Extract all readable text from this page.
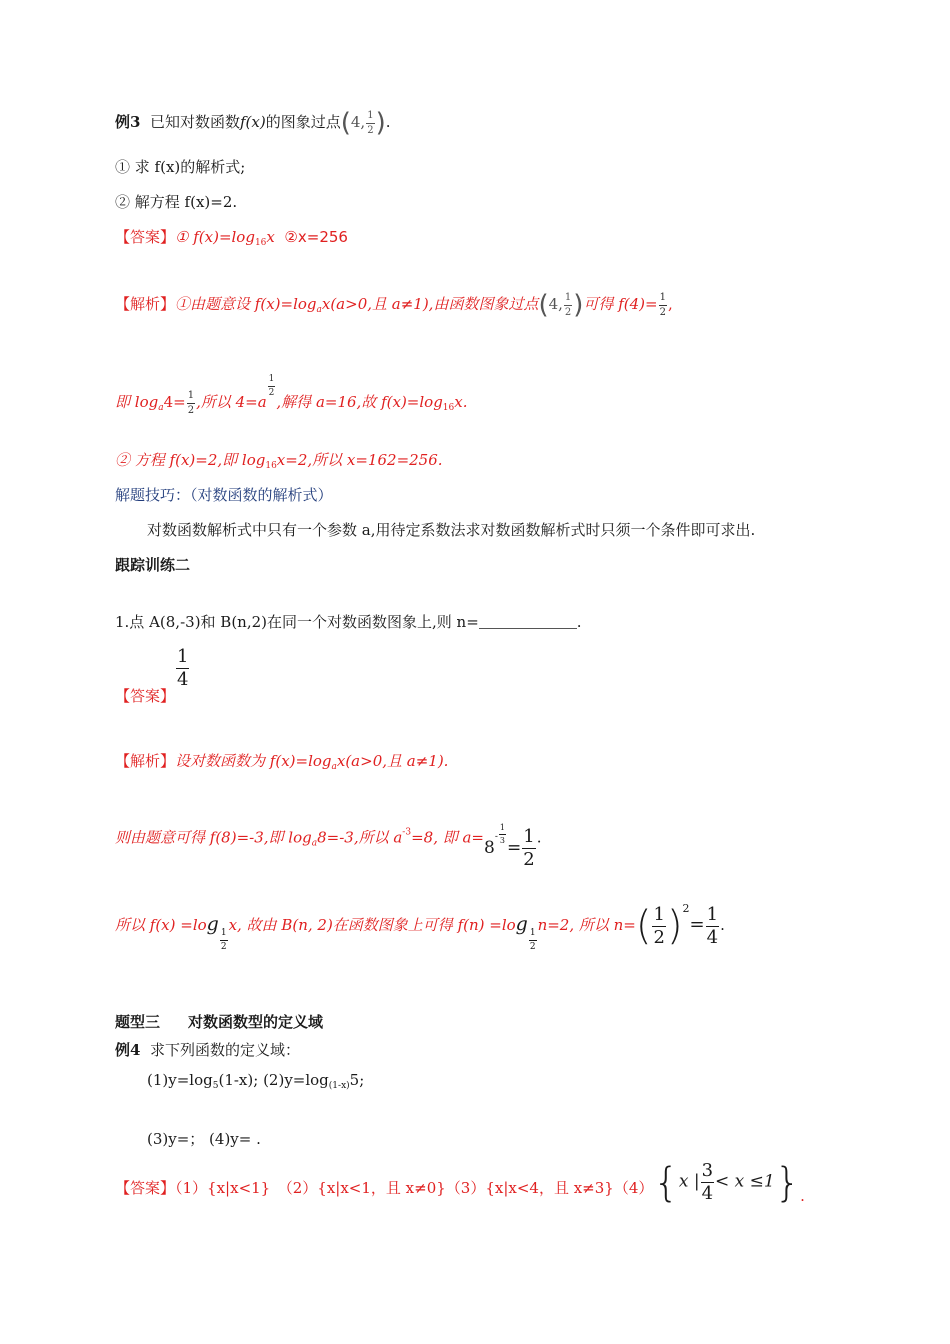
例3 已知对数函数f(x)的图象过点(4, $\frac{1}{2}$ ).
① 求 f(x)的解析式;
② 解方程 f(x)=2.
【答案】① $f(x)=\log_{16}x$ ②x=256
【解析】①由题意设 $f(x)=\log_ax(a>0$,且 a≠1),由函数图象过点(4, $\frac{1}{2}$ )可得 $f(4)= \frac{1}{2}$ ,
即 $\log_a4= \frac{1}{2}$ ,所以 4=a
$\frac{1}{2}$
,解得 a=16,故 $f(x)=\log_{16}x$.
② 方程 f(x)=2,即 $\log_{16}x=2$,所以 x=162=256.
解题技巧：（对数函数的解析式）
对数函数解析式中只有一个参数 a,用待定系数法求对数函数解析式时只须一个条件即可求出.
跟踪训练二
1.点 A(8,-3)和 B(n,2)在同一个对数函数图象上,则 n=	.
【答案】
$\frac{1}{4}$
【解析】设对数函数为 $f(x)=\log_ax(a>0$,且 a≠1).
则由题意可得 f(8)=-3,即 $\log_a8=-3$,所以 $a^{-3}=8$, 即 $a=8^- \frac{1}{3}$
= $\frac{1}{2}$ .
所以 f(x) =log
$\frac{1}{2}$
x, 故由 B(n, 2)在函数图象上可得 f(n) =log
$\frac{1}{2}$
n=2, 所以 $n=( \frac{1}{2} )^2= \frac{1}{4}$ .
题型三 对数函数型的定义域
例4 求下列函数的定义域：
$(1)y=\log_5(1-x)$; $(2)y=\log_{(1-x)}5$;
(3)y=； (4)y= .
【答案】（1）{x|x<1}　（2）{x|x<1，且 x≠0}（3）{x|x<4，且 x≠3}（4）{x | $\frac{3}{4} < x \le 1$}.
